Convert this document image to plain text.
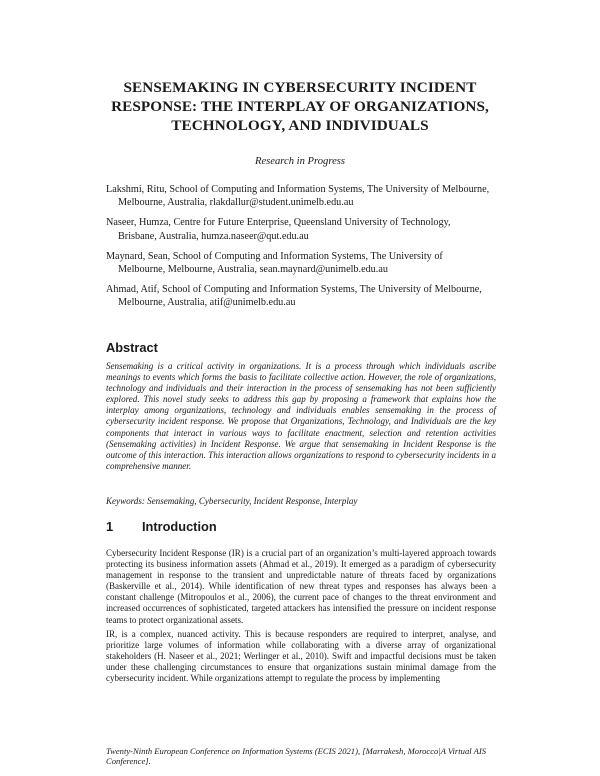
SENSEMAKING IN CYBERSECURITY INCIDENT
RESPONSE: THE INTERPLAY OF ORGANIZATIONS,
TECHNOLOGY, AND INDIVIDUALS
Research in Progress
Lakshmi, Ritu, School of Computing and Information Systems, The University of Melbourne,
Melbourne, Australia, rlakdallur@student.unimelb.edu.au
Naseer, Humza, Centre for Future Enterprise, Queensland University of Technology,
Brisbane, Australia, humza.naseer@qut.edu.au
Maynard, Sean, School of Computing and Information Systems, The University of
Melbourne, Melbourne, Australia, sean.maynard@unimelb.edu.au
Ahmad, Atif, School of Computing and Information Systems, The University of Melbourne,
Melbourne, Australia, atif@unimelb.edu.au
Abstract

Sensemaking is a critical activity in organizations. It is a process through which individuals ascribe meanings to events which forms the basis to facilitate collective action. However, the role of organizations, technology and individuals and their interaction in the process of sensemaking has not been sufficiently explored. This novel study seeks to address this gap by proposing a framework that explains how the interplay among organizations, technology and individuals enables sensemaking in the process of cybersecurity incident response. We propose that Organizations, Technology, and Individuals are the key components that interact in various ways to facilitate enactment, selection and retention activities (Sensemaking activities) in Incident Response. We argue that sensemaking in Incident Response is the outcome of this interaction. This interaction allows organizations to respond to cybersecurity incidents in a comprehensive manner.

Keywords: Sensemaking, Cybersecurity, Incident Response, Interplay
1 Introduction

Cybersecurity Incident Response (IR) is a crucial part of an organization’s multi-layered approach towards protecting its business information assets (Ahmad et al., 2019). It emerged as a paradigm of cybersecurity management in response to the transient and unpredictable nature of threats faced by organizations (Baskerville et al., 2014). While identification of new threat types and responses has always been a constant challenge (Mitropoulos et al., 2006), the current pace of changes to the threat environment and increased occurrences of sophisticated, targeted attackers has intensified the pressure on incident response teams to protect organizational assets.

IR, is a complex, nuanced activity. This is because responders are required to interpret, analyse, and prioritize large volumes of information while collaborating with a diverse array of organizational stakeholders (H. Naseer et al., 2021; Werlinger et al., 2010). Swift and impactful decisions must be taken under these challenging circumstances to ensure that organizations sustain minimal damage from the cybersecurity incident. While organizations attempt to regulate the process by implementing

Twenty-Ninth European Conference on Information Systems (ECIS 2021), [Marrakesh, Morocco|A Virtual AIS Conference].
